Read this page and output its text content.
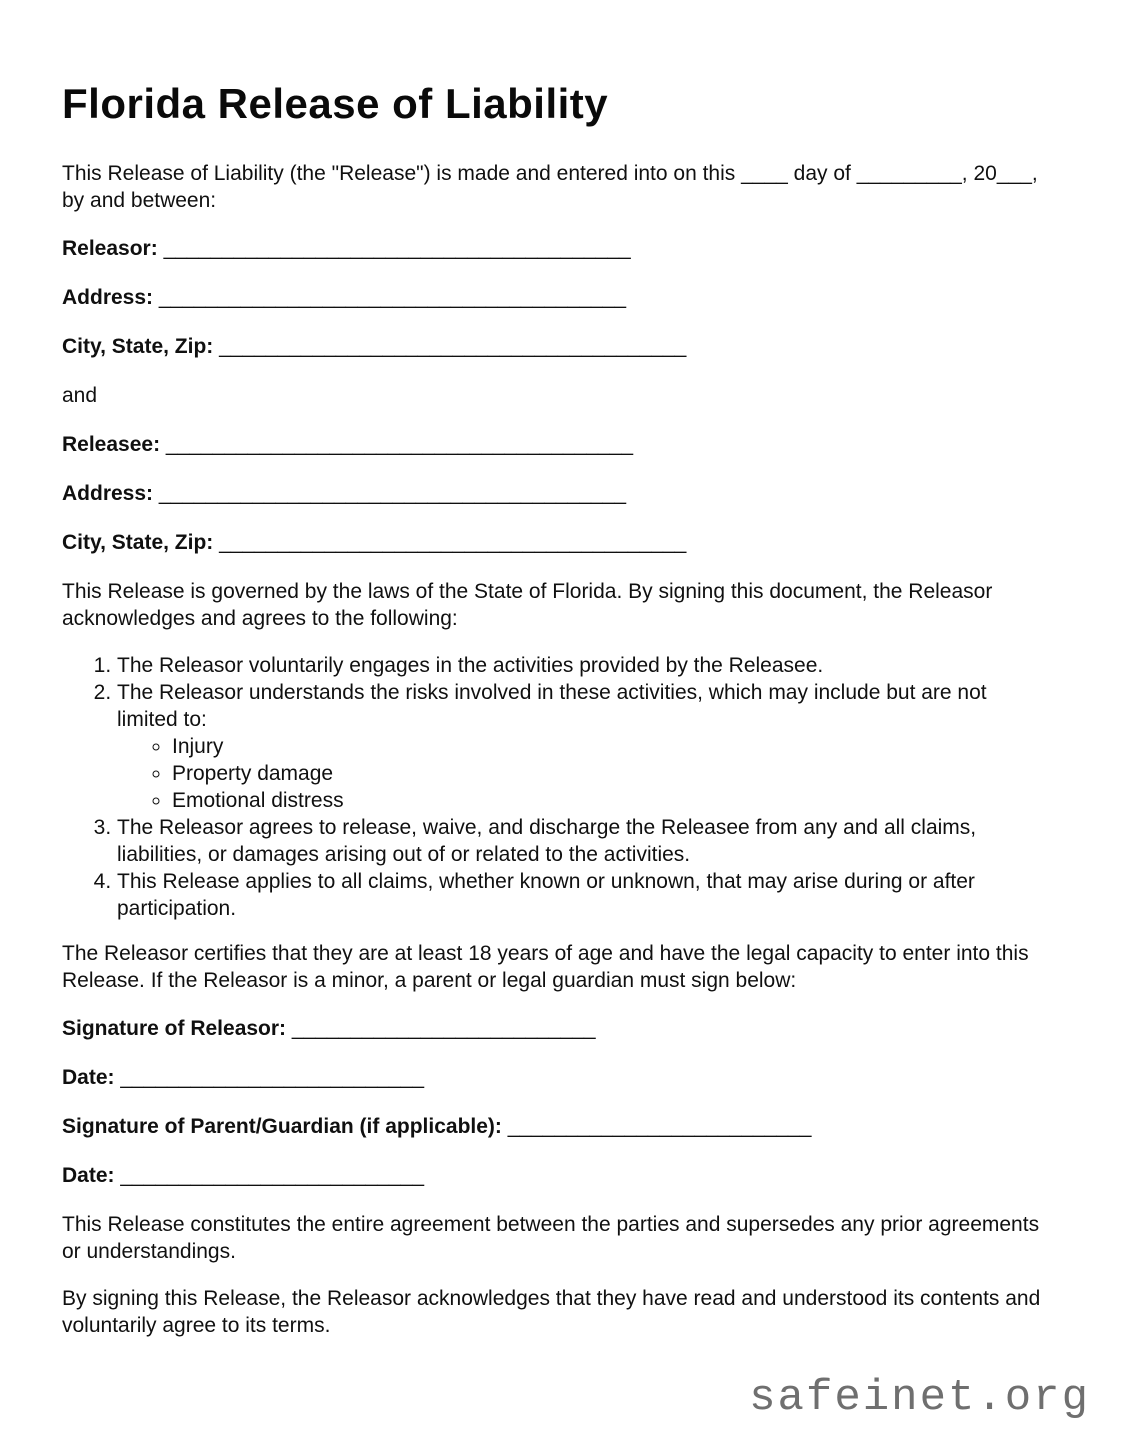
Florida Release of Liability

This Release of Liability (the "Release") is made and entered into on this ____ day of _________, 20___, by and between:

Releasor: ________________________________________

Address: ________________________________________

City, State, Zip: ________________________________________

and

Releasee: ________________________________________

Address: ________________________________________

City, State, Zip: ________________________________________

This Release is governed by the laws of the State of Florida. By signing this document, the Releasor acknowledges and agrees to the following:

1. The Releasor voluntarily engages in the activities provided by the Releasee.
2. The Releasor understands the risks involved in these activities, which may include but are not limited to:
◦ Injury
◦ Property damage
◦ Emotional distress
3. The Releasor agrees to release, waive, and discharge the Releasee from any and all claims, liabilities, or damages arising out of or related to the activities.
4. This Release applies to all claims, whether known or unknown, that may arise during or after participation.

The Releasor certifies that they are at least 18 years of age and have the legal capacity to enter into this Release. If the Releasor is a minor, a parent or legal guardian must sign below:

Signature of Releasor: __________________________

Date: __________________________

Signature of Parent/Guardian (if applicable): __________________________

Date: __________________________

This Release constitutes the entire agreement between the parties and supersedes any prior agreements or understandings.

By signing this Release, the Releasor acknowledges that they have read and understood its contents and voluntarily agree to its terms.

safeinet.org
